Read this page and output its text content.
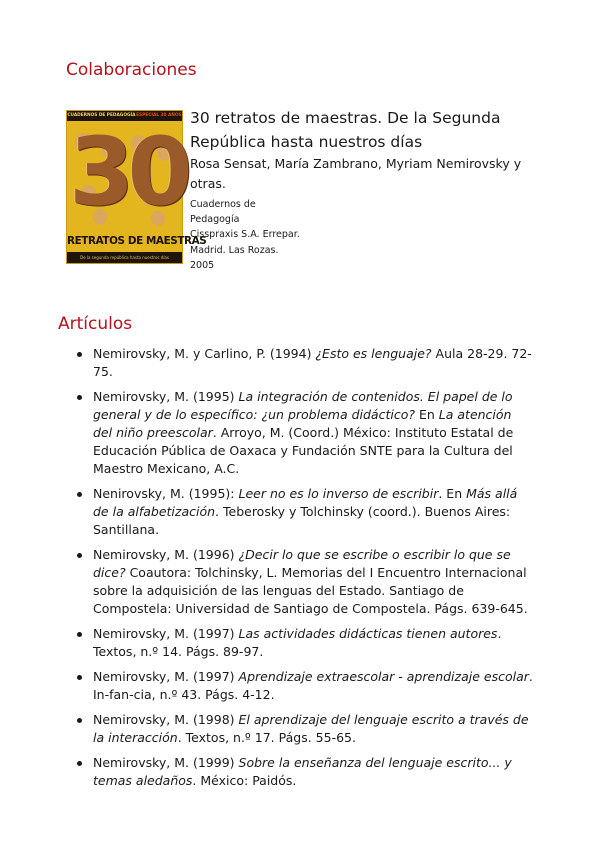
Colaboraciones
CUADERNOS DE PEDAGOGÍA ESPECIAL 30 AÑOS
30
RETRATOS DE MAESTRAS
De la segunda república hasta nuestros días

30 retratos de maestras. De la Segunda República hasta nuestros días

Rosa Sensat, María Zambrano, Myriam Nemirovsky y otras.

Cuadernos de
Pedagogía
Cisspraxis S.A. Errepar.
Madrid. Las Rozas.
2005
Artículos
Nemirovsky, M. y Carlino, P. (1994) ¿Esto es lenguaje? Aula 28-29. 72-75.
Nemirovsky, M. (1995) La integración de contenidos. El papel de lo general y de lo específico: ¿un problema didáctico? En La atención del niño preescolar. Arroyo, M. (Coord.) México: Instituto Estatal de Educación Pública de Oaxaca y Fundación SNTE para la Cultura del Maestro Mexicano, A.C.
Nenirovsky, M. (1995): Leer no es lo inverso de escribir. En Más allá de la alfabetización. Teberosky y Tolchinsky (coord.). Buenos Aires: Santillana.
Nemirovsky, M. (1996) ¿Decir lo que se escribe o escribir lo que se dice? Coautora: Tolchinsky, L. Memorias del I Encuentro Internacional sobre la adquisición de las lenguas del Estado. Santiago de Compostela: Universidad de Santiago de Compostela. Págs. 639-645.
Nemirovsky, M. (1997) Las actividades didácticas tienen autores. Textos, n.º 14. Págs. 89-97.
Nemirovsky, M. (1997) Aprendizaje extraescolar - aprendizaje escolar. In-fan-cia, n.º 43. Págs. 4-12.
Nemirovsky, M. (1998) El aprendizaje del lenguaje escrito a través de la interacción. Textos, n.º 17. Págs. 55-65.
Nemirovsky, M. (1999) Sobre la enseñanza del lenguaje escrito... y temas aledaños. México: Paidós.
